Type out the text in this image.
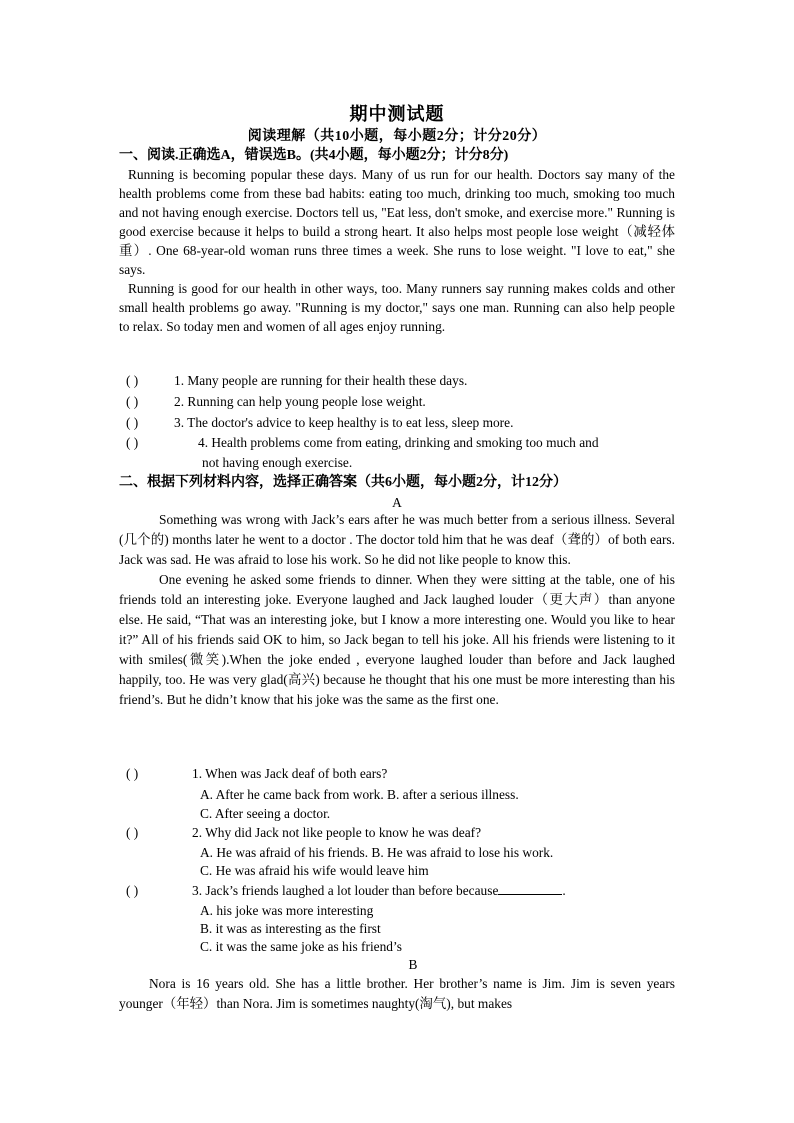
期中测试题
阅读理解（共10小题，每小题2分；计分20分）
一、阅读.正确选A，错误选B。(共4小题，每小题2分；计分8分)

Running is becoming popular these days. Many of us run for our health. Doctors say many of the health problems come from these bad habits: eating too much, drinking too much, smoking too much and not having enough exercise. Doctors tell us, "Eat less, don't smoke, and exercise more." Running is good exercise because it helps to build a strong heart. It also helps most people lose weight（减轻体重）. One 68-year-old woman runs three times a week. She runs to lose weight. "I love to eat," she says.

Running is good for our health in other ways, too. Many runners say running makes colds and other small health problems go away. "Running is my doctor," says one man. Running can also help people to relax. So today men and women of all ages enjoy running.

( )	1. Many people are running for their health these days.
( )	2. Running can help young people lose weight.
( )	3. The doctor's advice to keep healthy is to eat less, sleep more.
( )	4. Health problems come from eating, drinking and smoking too much and
not having enough exercise.
二、根据下列材料内容，选择正确答案（共6小题，每小题2分，计12分）
A

Something was wrong with Jack’s ears after he was much better from a serious illness. Several (几个的) months later he went to a doctor . The doctor told him that he was deaf（聋的）of both ears. Jack was sad. He was afraid to lose his work. So he did not like people to know this.

One evening he asked some friends to dinner. When they were sitting at the table, one of his friends told an interesting joke. Everyone laughed and Jack laughed louder（更大声）than anyone else. He said, “That was an interesting joke, but I know a more interesting one. Would you like to hear it?” All of his friends said OK to him, so Jack began to tell his joke. All his friends were listening to it with smiles(微笑).When the joke ended , everyone laughed louder than before and Jack laughed happily, too. He was very glad(高兴) because he thought that his one must be more interesting than his friend’s. But he didn’t know that his joke was the same as the first one.

( )	1. When was Jack deaf of both ears?
A. After he came back from work. B. after a serious illness.
C. After seeing a doctor.
( )	2. Why did Jack not like people to know he was deaf?
A. He was afraid of his friends. B. He was afraid to lose his work.
C. He was afraid his wife would leave him
( )	3. Jack’s friends laughed a lot louder than before because	.
A. his joke was more interesting
B. it was as interesting as the first
C. it was the same joke as his friend’s
B

Nora is 16 years old. She has a little brother. Her brother’s name is Jim. Jim is seven years younger（年轻）than Nora. Jim is sometimes naughty(淘气), but makes
